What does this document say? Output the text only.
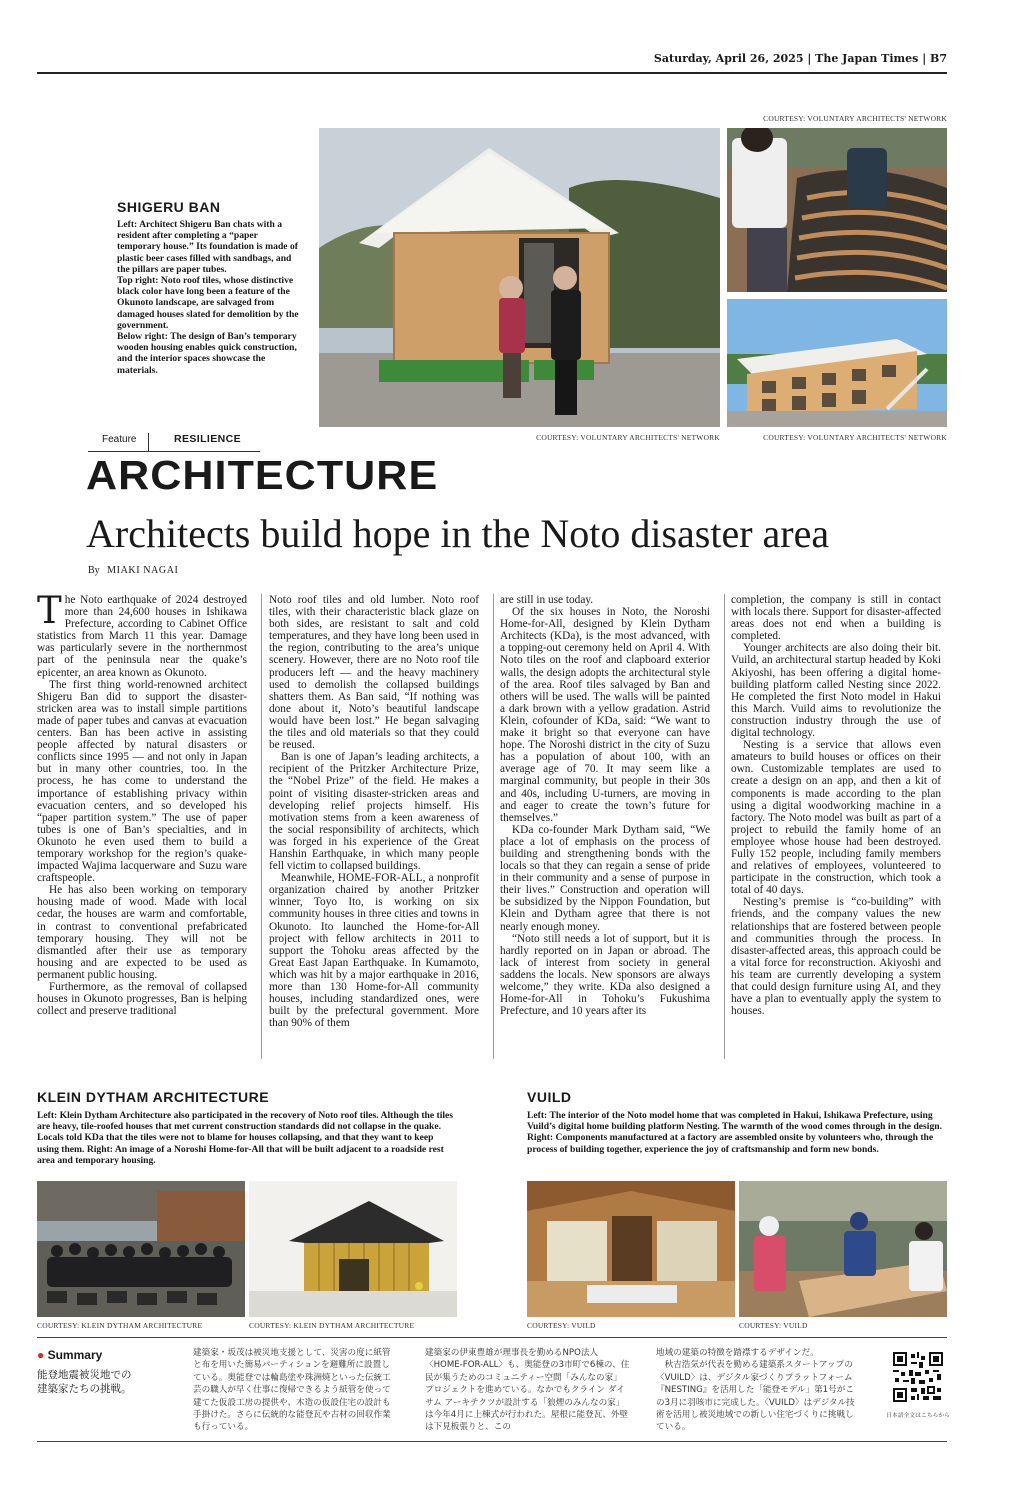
Saturday, April 26, 2025 | The Japan Times | B7
COURTESY: VOLUNTARY ARCHITECTS' NETWORK
SHIGERU BAN
Left: Architect Shigeru Ban chats with a resident after completing a “paper temporary house.” Its foundation is made of plastic beer cases filled with sandbags, and the pillars are paper tubes.
Top right: Noto roof tiles, whose distinctive black color have long been a feature of the Okunoto landscape, are salvaged from damaged houses slated for demolition by the government.
Below right: The design of Ban’s temporary wooden housing enables quick construction, and the interior spaces showcase the materials.
COURTESY: VOLUNTARY ARCHITECTS' NETWORK	COURTESY: VOLUNTARY ARCHITECTS' NETWORK
Feature	RESILIENCE
ARCHITECTURE
Architects build hope in the Noto disaster area
By MIAKI NAGAI

The Noto earthquake of 2024 destroyed more than 24,600 houses in Ishikawa Prefecture, according to Cabinet Office statistics from March 11 this year. Damage was particularly severe in the northernmost part of the peninsula near the quake’s epicenter, an area known as Okunoto.

The first thing world-renowned architect Shigeru Ban did to support the disaster-stricken area was to install simple partitions made of paper tubes and canvas at evacuation centers. Ban has been active in assisting people affected by natural disasters or conflicts since 1995 — and not only in Japan but in many other countries, too. In the process, he has come to understand the importance of establishing privacy within evacuation centers, and so developed his “paper partition system.” The use of paper tubes is one of Ban’s specialties, and in Okunoto he even used them to build a temporary workshop for the region’s quake-impacted Wajima lacquerware and Suzu ware craftspeople.

He has also been working on temporary housing made of wood. Made with local cedar, the houses are warm and comfortable, in contrast to conventional prefabricated temporary housing. They will not be dismantled after their use as temporary housing and are expected to be used as permanent public housing.

Furthermore, as the removal of collapsed houses in Okunoto progresses, Ban is helping collect and preserve traditional

Noto roof tiles and old lumber. Noto roof tiles, with their characteristic black glaze on both sides, are resistant to salt and cold temperatures, and they have long been used in the region, contributing to the area’s unique scenery. However, there are no Noto roof tile producers left — and the heavy machinery used to demolish the collapsed buildings shatters them. As Ban said, “If nothing was done about it, Noto’s beautiful landscape would have been lost.” He began salvaging the tiles and old materials so that they could be reused.

Ban is one of Japan’s leading architects, a recipient of the Pritzker Architecture Prize, the “Nobel Prize” of the field. He makes a point of visiting disaster-stricken areas and developing relief projects himself. His motivation stems from a keen awareness of the social responsibility of architects, which was forged in his experience of the Great Hanshin Earthquake, in which many people fell victim to collapsed buildings.

Meanwhile, HOME-FOR-ALL, a nonprofit organization chaired by another Pritzker winner, Toyo Ito, is working on six community houses in three cities and towns in Okunoto. Ito launched the Home-for-All project with fellow architects in 2011 to support the Tohoku areas affected by the Great East Japan Earthquake. In Kumamoto, which was hit by a major earthquake in 2016, more than 130 Home-for-All community houses, including standardized ones, were built by the prefectural government. More than 90% of them

are still in use today.

Of the six houses in Noto, the Noroshi Home-for-All, designed by Klein Dytham Architects (KDa), is the most advanced, with a topping-out ceremony held on April 4. With Noto tiles on the roof and clapboard exterior walls, the design adopts the architectural style of the area. Roof tiles salvaged by Ban and others will be used. The walls will be painted a dark brown with a yellow gradation. Astrid Klein, cofounder of KDa, said: “We want to make it bright so that everyone can have hope. The Noroshi district in the city of Suzu has a population of about 100, with an average age of 70. It may seem like a marginal community, but people in their 30s and 40s, including U-turners, are moving in and eager to create the town’s future for themselves.”

KDa co-founder Mark Dytham said, “We place a lot of emphasis on the process of building and strengthening bonds with the locals so that they can regain a sense of pride in their community and a sense of purpose in their lives.” Construction and operation will be subsidized by the Nippon Foundation, but Klein and Dytham agree that there is not nearly enough money.

“Noto still needs a lot of support, but it is hardly reported on in Japan or abroad. The lack of interest from society in general saddens the locals. New sponsors are always welcome,” they write. KDa also designed a Home-for-All in Tohoku’s Fukushima Prefecture, and 10 years after its

completion, the company is still in contact with locals there. Support for disaster-affected areas does not end when a building is completed.

Younger architects are also doing their bit. Vuild, an architectural startup headed by Koki Akiyoshi, has been offering a digital home-building platform called Nesting since 2022. He completed the first Noto model in Hakui this March. Vuild aims to revolutionize the construction industry through the use of digital technology.

Nesting is a service that allows even amateurs to build houses or offices on their own. Customizable templates are used to create a design on an app, and then a kit of components is made according to the plan using a digital woodworking machine in a factory. The Noto model was built as part of a project to rebuild the family home of an employee whose house had been destroyed. Fully 152 people, including family members and relatives of employees, volunteered to participate in the construction, which took a total of 40 days.

Nesting’s premise is “co-building” with friends, and the company values the new relationships that are fostered between people and communities through the process. In disaster-affected areas, this approach could be a vital force for reconstruction. Akiyoshi and his team are currently developing a system that could design furniture using AI, and they have a plan to eventually apply the system to houses.

KLEIN DYTHAM ARCHITECTURE
Left: Klein Dytham Architecture also participated in the recovery of Noto roof tiles. Although the tiles are heavy, tile-roofed houses that met current construction standards did not collapse in the quake. Locals told KDa that the tiles were not to blame for houses collapsing, and that they want to keep using them. Right: An image of a Noroshi Home-for-All that will be built adjacent to a roadside rest area and temporary housing.
COURTESY: KLEIN DYTHAM ARCHITECTURE	COURTESY: KLEIN DYTHAM ARCHITECTURE
VUILD
Left: The interior of the Noto model home that was completed in Hakui, Ishikawa Prefecture, using Vuild’s digital home building platform Nesting. The warmth of the wood comes through in the design. Right: Components manufactured at a factory are assembled onsite by volunteers who, through the process of building together, experience the joy of craftsmanship and form new bonds.
COURTESY: VUILD	COURTESY: VUILD
● Summary
能登地震被災地での
建築家たちの挑戦。
建築家・坂茂は被災地支援として、災害の度に紙管と布を用いた簡易パーティションを避難所に設置している。奥能登では輪島塗や珠洲焼といった伝統工芸の職人が早く仕事に復帰できるよう紙管を使って建てた仮設工房の提供や、木造の仮設住宅の設計も手掛けた。さらに伝統的な能登瓦や古材の回収作業も行っている。
建築家の伊東豊雄が理事長を勤めるNPO法人〈HOME-FOR-ALL〉も、奥能登の3市町で6棟の、住民が集うためのコミュニティー空間「みんなの家」プロジェクトを進めている。なかでもクライン ダイサム アーキテクツが設計する「狼煙のみんなの家」は今年4月に上棟式が行われた。屋根に能登瓦、外壁は下見板張りと、この
地域の建築の特徴を踏襟するデザインだ。
　秋吉浩気が代表を勤める建築系スタートアップの〈VUILD〉は、デジタル家づくりプラットフォーム『NESTING』を活用した「能登モデル」第1号がこの3月に羽咳市に完成した。〈VUILD〉はデジタル技術を活用し被災地域での新しい住宅づくりに挑戦している。
日本語全文はこちらから
